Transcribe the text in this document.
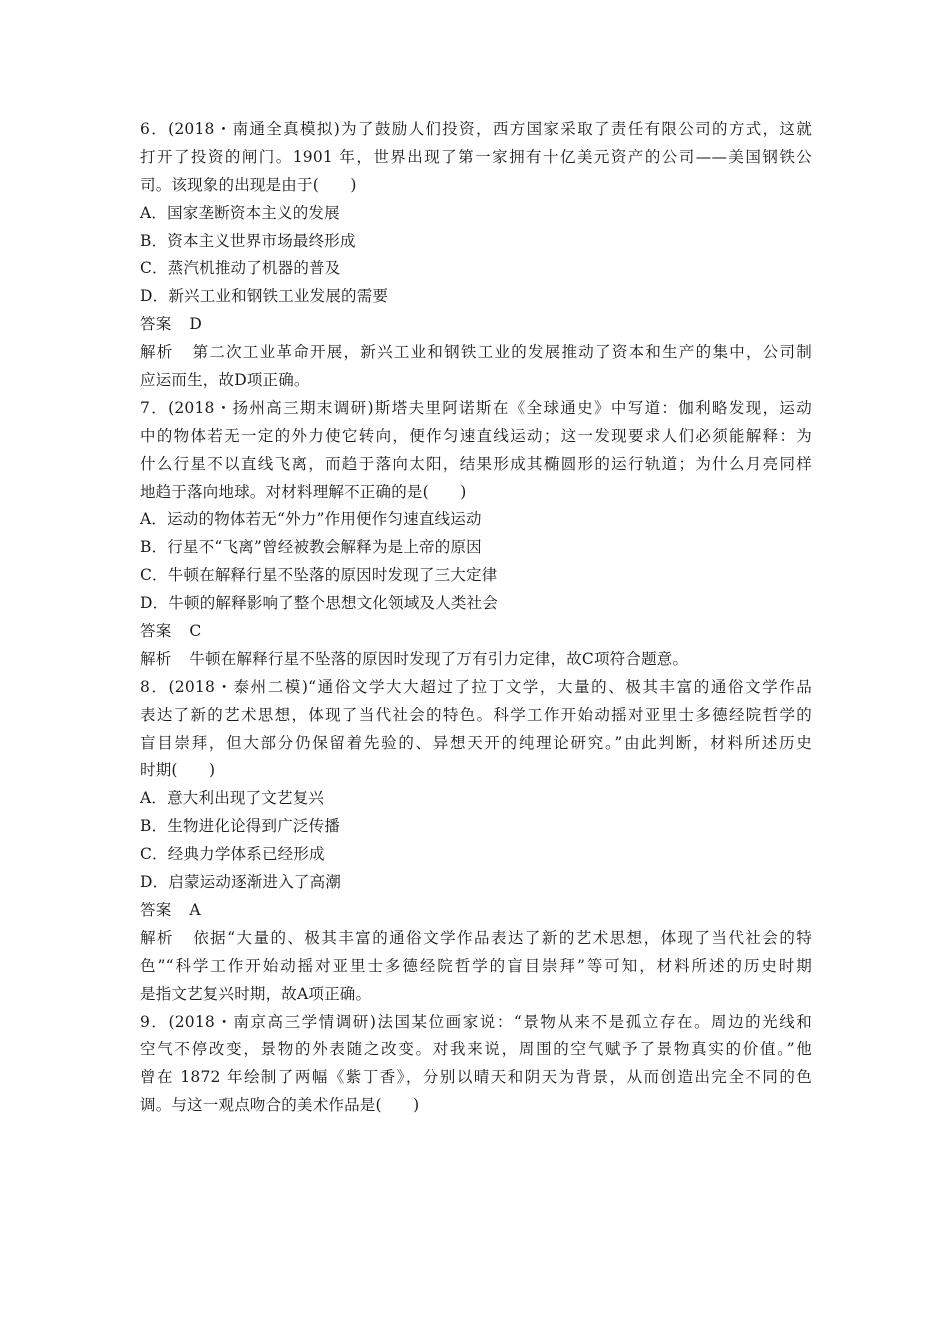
6．(2018・南通全真模拟)为了鼓励人们投资，西方国家采取了责任有限公司的方式，这就
打开了投资的闸门。1901 年，世界出现了第一家拥有十亿美元资产的公司——美国钢铁公
司。该现象的出现是由于(　　)
A．国家垄断资本主义的发展
B．资本主义世界市场最终形成
C．蒸汽机推动了机器的普及
D．新兴工业和钢铁工业发展的需要
答案 D
解析 第二次工业革命开展，新兴工业和钢铁工业的发展推动了资本和生产的集中，公司制
应运而生，故D项正确。
7．(2018・扬州高三期末调研)斯塔夫里阿诺斯在《全球通史》中写道：伽利略发现，运动
中的物体若无一定的外力使它转向，便作匀速直线运动；这一发现要求人们必须能解释：为
什么行星不以直线飞离，而趋于落向太阳，结果形成其椭圆形的运行轨道；为什么月亮同样
地趋于落向地球。对材料理解不正确的是(　　)
A．运动的物体若无“外力”作用便作匀速直线运动
B．行星不“飞离”曾经被教会解释为是上帝的原因
C．牛顿在解释行星不坠落的原因时发现了三大定律
D．牛顿的解释影响了整个思想文化领域及人类社会
答案 C
解析 牛顿在解释行星不坠落的原因时发现了万有引力定律，故C项符合题意。
8．(2018・泰州二模)“通俗文学大大超过了拉丁文学，大量的、极其丰富的通俗文学作品
表达了新的艺术思想，体现了当代社会的特色。科学工作开始动摇对亚里士多德经院哲学的
盲目崇拜，但大部分仍保留着先验的、异想天开的纯理论研究。”由此判断，材料所述历史
时期(　　)
A．意大利出现了文艺复兴
B．生物进化论得到广泛传播
C．经典力学体系已经形成
D．启蒙运动逐渐进入了高潮
答案 A
解析 依据“大量的、极其丰富的通俗文学作品表达了新的艺术思想，体现了当代社会的特
色”“科学工作开始动摇对亚里士多德经院哲学的盲目崇拜”等可知，材料所述的历史时期
是指文艺复兴时期，故A项正确。
9．(2018・南京高三学情调研)法国某位画家说：“景物从来不是孤立存在。周边的光线和
空气不停改变，景物的外表随之改变。对我来说，周围的空气赋予了景物真实的价值。”他
曾在 1872 年绘制了两幅《紫丁香》，分别以晴天和阴天为背景，从而创造出完全不同的色
调。与这一观点吻合的美术作品是(　　)
